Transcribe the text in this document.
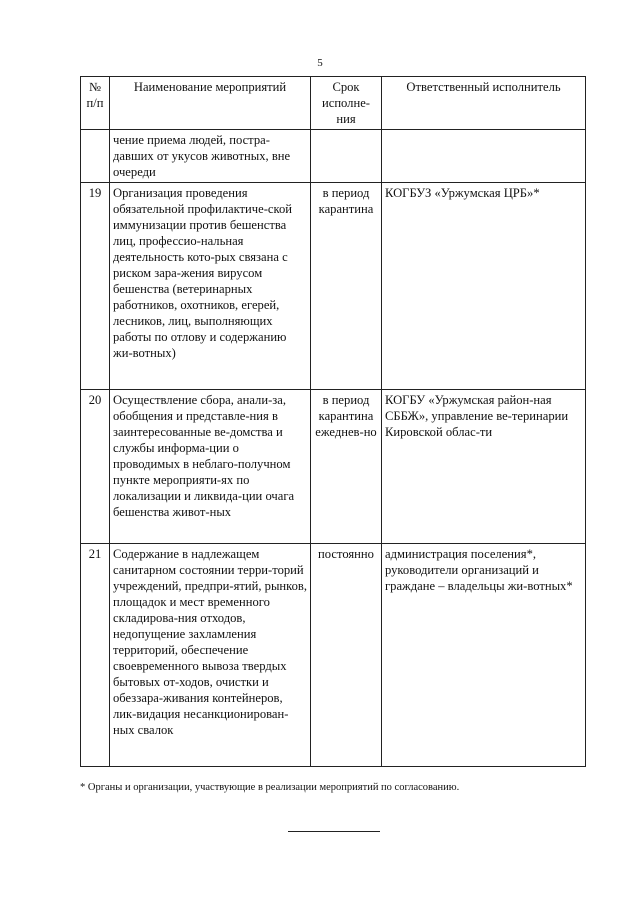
5
№ п/п	Наименование мероприятий	Срок исполне-ния	Ответственный исполнитель
	чение приема людей, постра-давших от укусов животных, вне очереди		
19	Организация проведения обязательной профилактиче-ской иммунизации против бешенства лиц, профессио-нальная деятельность кото-рых связана с риском зара-жения вирусом бешенства (ветеринарных работников, охотников, егерей, лесников, лиц, выполняющих работы по отлову и содержанию жи-вотных)	в период карантина	КОГБУЗ «Уржумская ЦРБ»*
20	Осуществление сбора, анали-за, обобщения и представле-ния в заинтересованные ве-домства и службы информа-ции о проводимых в неблаго-получном пункте мероприяти-ях по локализации и ликвида-ции очага бешенства живот-ных	в период карантина ежеднев-но	КОГБУ «Уржумская район-ная СББЖ», управление ве-теринарии Кировской облас-ти
21	Содержание в надлежащем санитарном состоянии терри-торий учреждений, предпри-ятий, рынков, площадок и мест временного складирова-ния отходов, недопущение захламления территорий, обеспечение своевременного вывоза твердых бытовых от-ходов, очистки и обеззара-живания контейнеров, лик-видация несанкционирован-ных свалок	постоянно	администрация поселения*, руководители организаций и граждане – владельцы жи-вотных*
* Органы и организации, участвующие в реализации мероприятий по согласованию.
